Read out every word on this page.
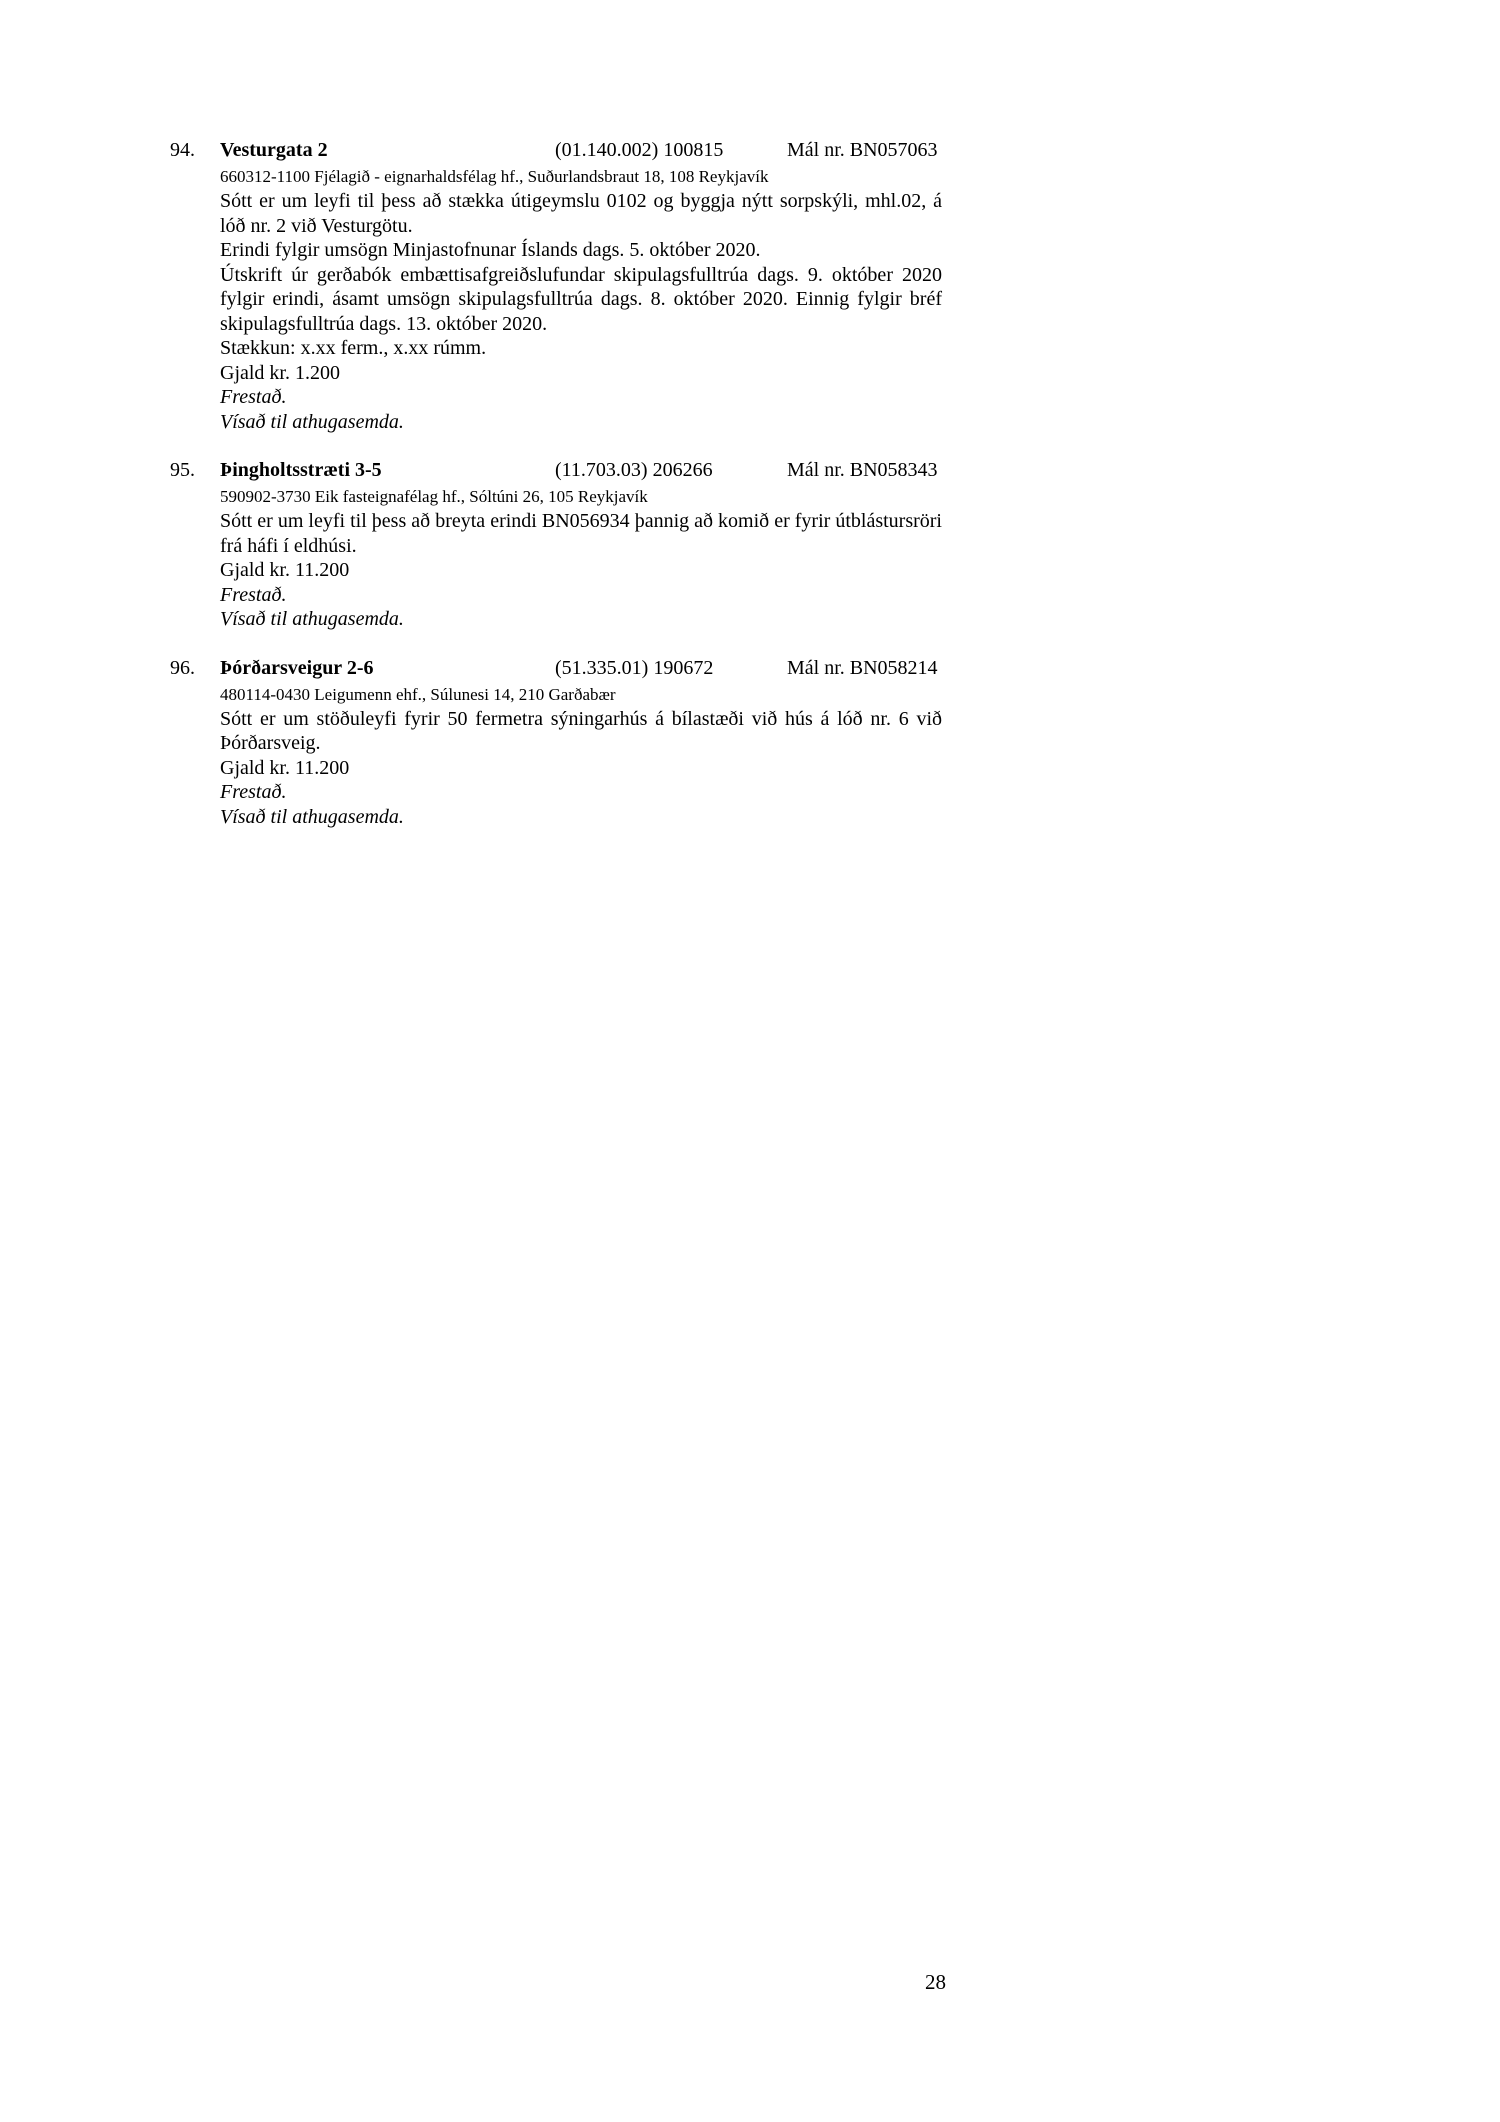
94. Vesturgata 2	(01.140.002) 100815	Mál nr. BN057063
660312-1100 Fjélagið - eignarhaldsfélag hf., Suðurlandsbraut 18, 108 Reykjavík

Sótt er um leyfi til þess að stækka útigeymslu 0102 og byggja nýtt sorpskýli, mhl.02, á lóð nr. 2 við Vesturgötu.

Erindi fylgir umsögn Minjastofnunar Íslands dags. 5. október 2020.

Útskrift úr gerðabók embættisafgreiðslufundar skipulagsfulltrúa dags. 9. október 2020 fylgir erindi, ásamt umsögn skipulagsfulltrúa dags. 8. október 2020. Einnig fylgir bréf skipulagsfulltrúa dags. 13. október 2020.

Stækkun: x.xx ferm., x.xx rúmm.

Gjald kr. 1.200

Frestað.

Vísað til athugasemda.

95. Þingholtsstræti 3-5	(11.703.03) 206266	Mál nr. BN058343
590902-3730 Eik fasteignafélag hf., Sóltúni 26, 105 Reykjavík

Sótt er um leyfi til þess að breyta erindi BN056934 þannig að komið er fyrir útblástursröri frá háfi í eldhúsi.

Gjald kr. 11.200

Frestað.

Vísað til athugasemda.

96. Þórðarsveigur 2-6	(51.335.01) 190672	Mál nr. BN058214
480114-0430 Leigumenn ehf., Súlunesi 14, 210 Garðabær

Sótt er um stöðuleyfi fyrir 50 fermetra sýningarhús á bílastæði við hús á lóð nr. 6 við Þórðarsveig.

Gjald kr. 11.200

Frestað.

Vísað til athugasemda.

28
